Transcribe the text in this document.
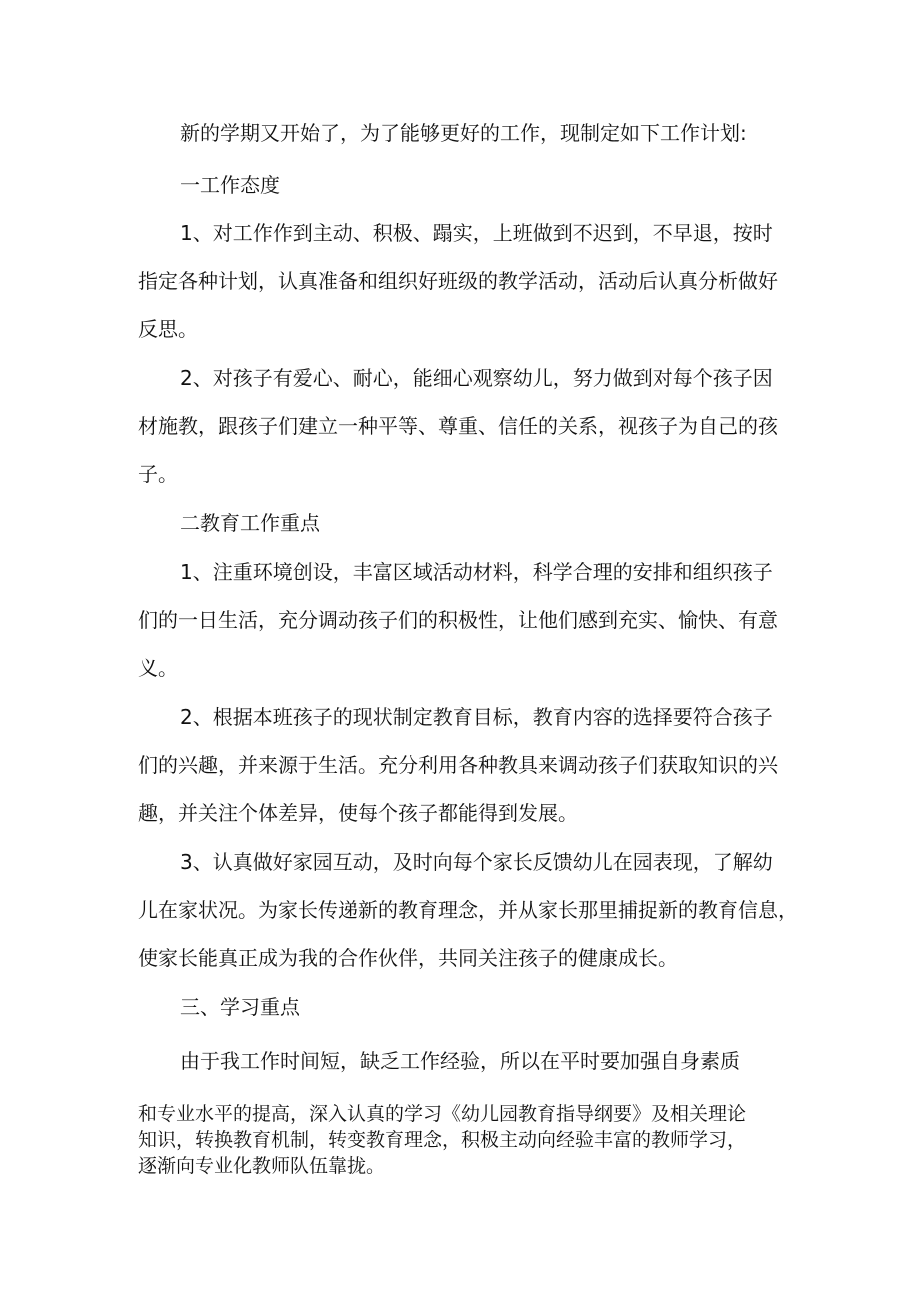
新的学期又开始了，为了能够更好的工作，现制定如下工作计划:

一工作态度

1、对工作作到主动、积极、蹋实，上班做到不迟到，不早退，按时

指定各种计划，认真准备和组织好班级的教学活动，活动后认真分析做好

反思。

2、对孩子有爱心、耐心，能细心观察幼儿，努力做到对每个孩子因

材施教，跟孩子们建立一种平等、尊重、信任的关系，视孩子为自己的孩

子。

二教育工作重点

1、注重环境创设，丰富区域活动材料，科学合理的安排和组织孩子

们的一日生活，充分调动孩子们的积极性，让他们感到充实、愉快、有意

义。

2、根据本班孩子的现状制定教育目标，教育内容的选择要符合孩子

们的兴趣，并来源于生活。充分利用各种教具来调动孩子们获取知识的兴

趣，并关注个体差异，使每个孩子都能得到发展。

3、认真做好家园互动，及时向每个家长反馈幼儿在园表现，了解幼

儿在家状况。为家长传递新的教育理念，并从家长那里捕捉新的教育信息，

使家长能真正成为我的合作伙伴，共同关注孩子的健康成长。

三、学习重点

由于我工作时间短，缺乏工作经验，所以在平时要加强自身素质

和专业水平的提高，深入认真的学习《幼儿园教育指导纲要》及相关理论

知识，转换教育机制，转变教育理念，积极主动向经验丰富的教师学习，

逐渐向专业化教师队伍靠拢。
